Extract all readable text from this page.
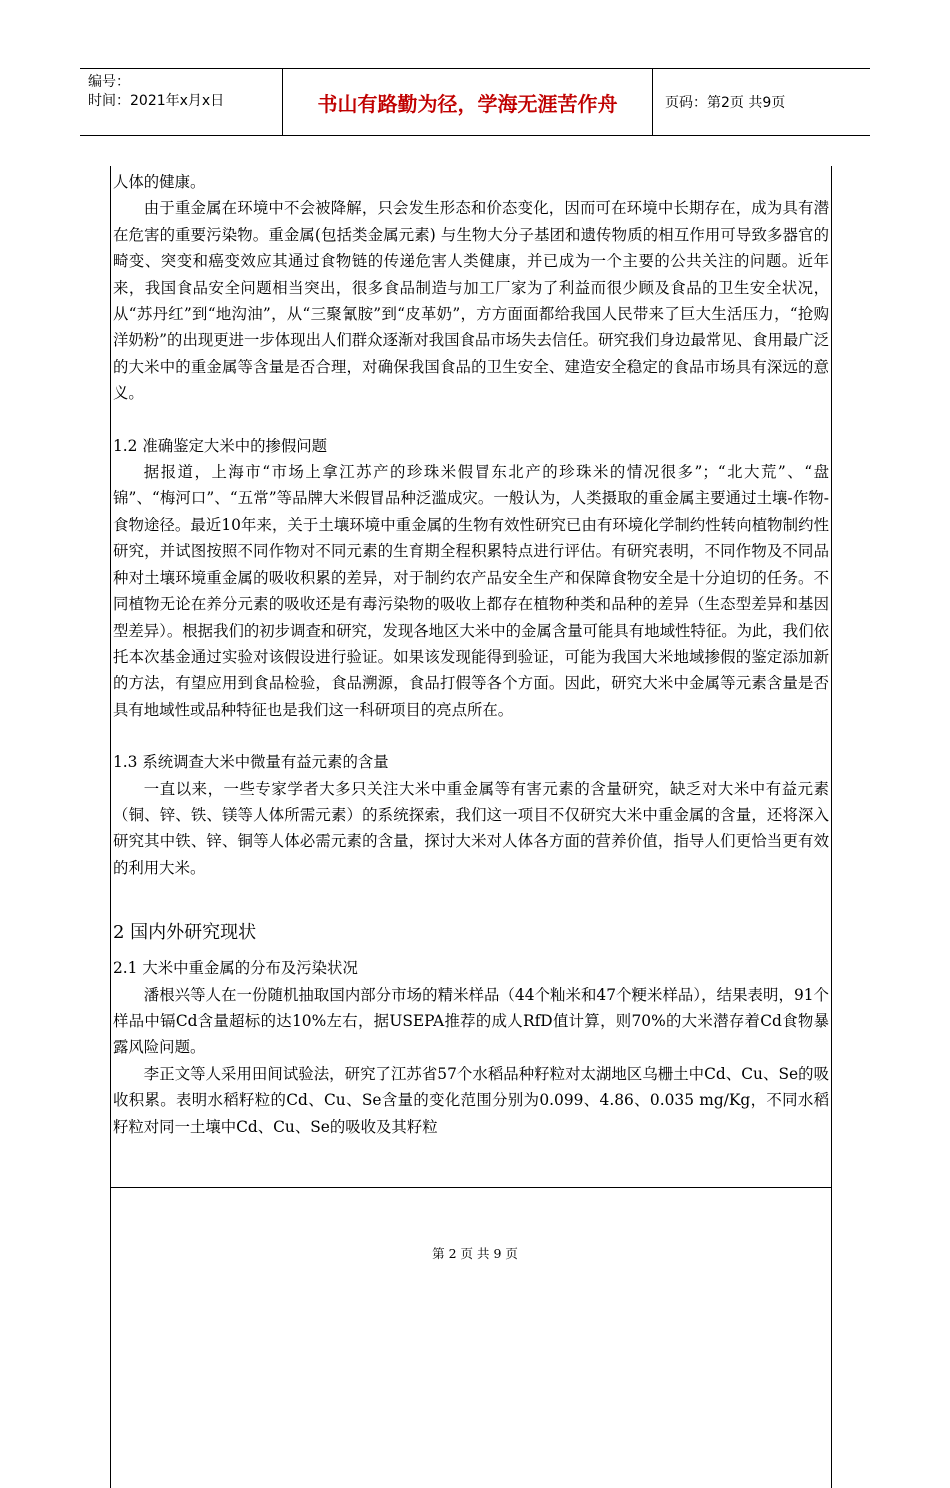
编号：
时间：2021年x月x日	书山有路勤为径，学海无涯苦作舟	页码：第2页 共9页

人体的健康。

由于重金属在环境中不会被降解，只会发生形态和价态变化，因而可在环境中长期存在，成为具有潜在危害的重要污染物。重金属(包括类金属元素) 与生物大分子基团和遗传物质的相互作用可导致多器官的畸变、突变和癌变效应其通过食物链的传递危害人类健康，并已成为一个主要的公共关注的问题。近年来，我国食品安全问题相当突出，很多食品制造与加工厂家为了利益而很少顾及食品的卫生安全状况，从“苏丹红”到“地沟油”，从“三聚氰胺”到“皮革奶”，方方面面都给我国人民带来了巨大生活压力，“抢购洋奶粉”的出现更进一步体现出人们群众逐渐对我国食品市场失去信任。研究我们身边最常见、食用最广泛的大米中的重金属等含量是否合理，对确保我国食品的卫生安全、建造安全稳定的食品市场具有深远的意义。

1.2 准确鉴定大米中的掺假问题

据报道，上海市“市场上拿江苏产的珍珠米假冒东北产的珍珠米的情况很多”；“北大荒”、“盘锦”、“梅河口”、“五常”等品牌大米假冒品种泛滥成灾。一般认为，人类摄取的重金属主要通过土壤-作物-食物途径。最近10年来，关于土壤环境中重金属的生物有效性研究已由有环境化学制约性转向植物制约性研究，并试图按照不同作物对不同元素的生育期全程积累特点进行评估。有研究表明，不同作物及不同品种对土壤环境重金属的吸收积累的差异，对于制约农产品安全生产和保障食物安全是十分迫切的任务。不同植物无论在养分元素的吸收还是有毒污染物的吸收上都存在植物种类和品种的差异（生态型差异和基因型差异）。根据我们的初步调查和研究，发现各地区大米中的金属含量可能具有地域性特征。为此，我们依托本次基金通过实验对该假设进行验证。如果该发现能得到验证，可能为我国大米地域掺假的鉴定添加新的方法，有望应用到食品检验，食品溯源，食品打假等各个方面。因此，研究大米中金属等元素含量是否具有地域性或品种特征也是我们这一科研项目的亮点所在。

1.3 系统调查大米中微量有益元素的含量

一直以来，一些专家学者大多只关注大米中重金属等有害元素的含量研究，缺乏对大米中有益元素（铜、锌、铁、镁等人体所需元素）的系统探索，我们这一项目不仅研究大米中重金属的含量，还将深入研究其中铁、锌、铜等人体必需元素的含量，探讨大米对人体各方面的营养价值，指导人们更恰当更有效的利用大米。

2 国内外研究现状

2.1 大米中重金属的分布及污染状况

潘根兴等人在一份随机抽取国内部分市场的精米样品（44个籼米和47个粳米样品），结果表明，91个样品中镉Cd含量超标的达10%左右，据USEPA推荐的成人RfD值计算，则70%的大米潜存着Cd食物暴露风险问题。

李正文等人采用田间试验法，研究了江苏省57个水稻品种籽粒对太湖地区乌栅土中Cd、Cu、Se的吸收积累。表明水稻籽粒的Cd、Cu、Se含量的变化范围分别为0.099、4.86、0.035 mg/Kg，不同水稻籽粒对同一土壤中Cd、Cu、Se的吸收及其籽粒

第 2 页 共 9 页
